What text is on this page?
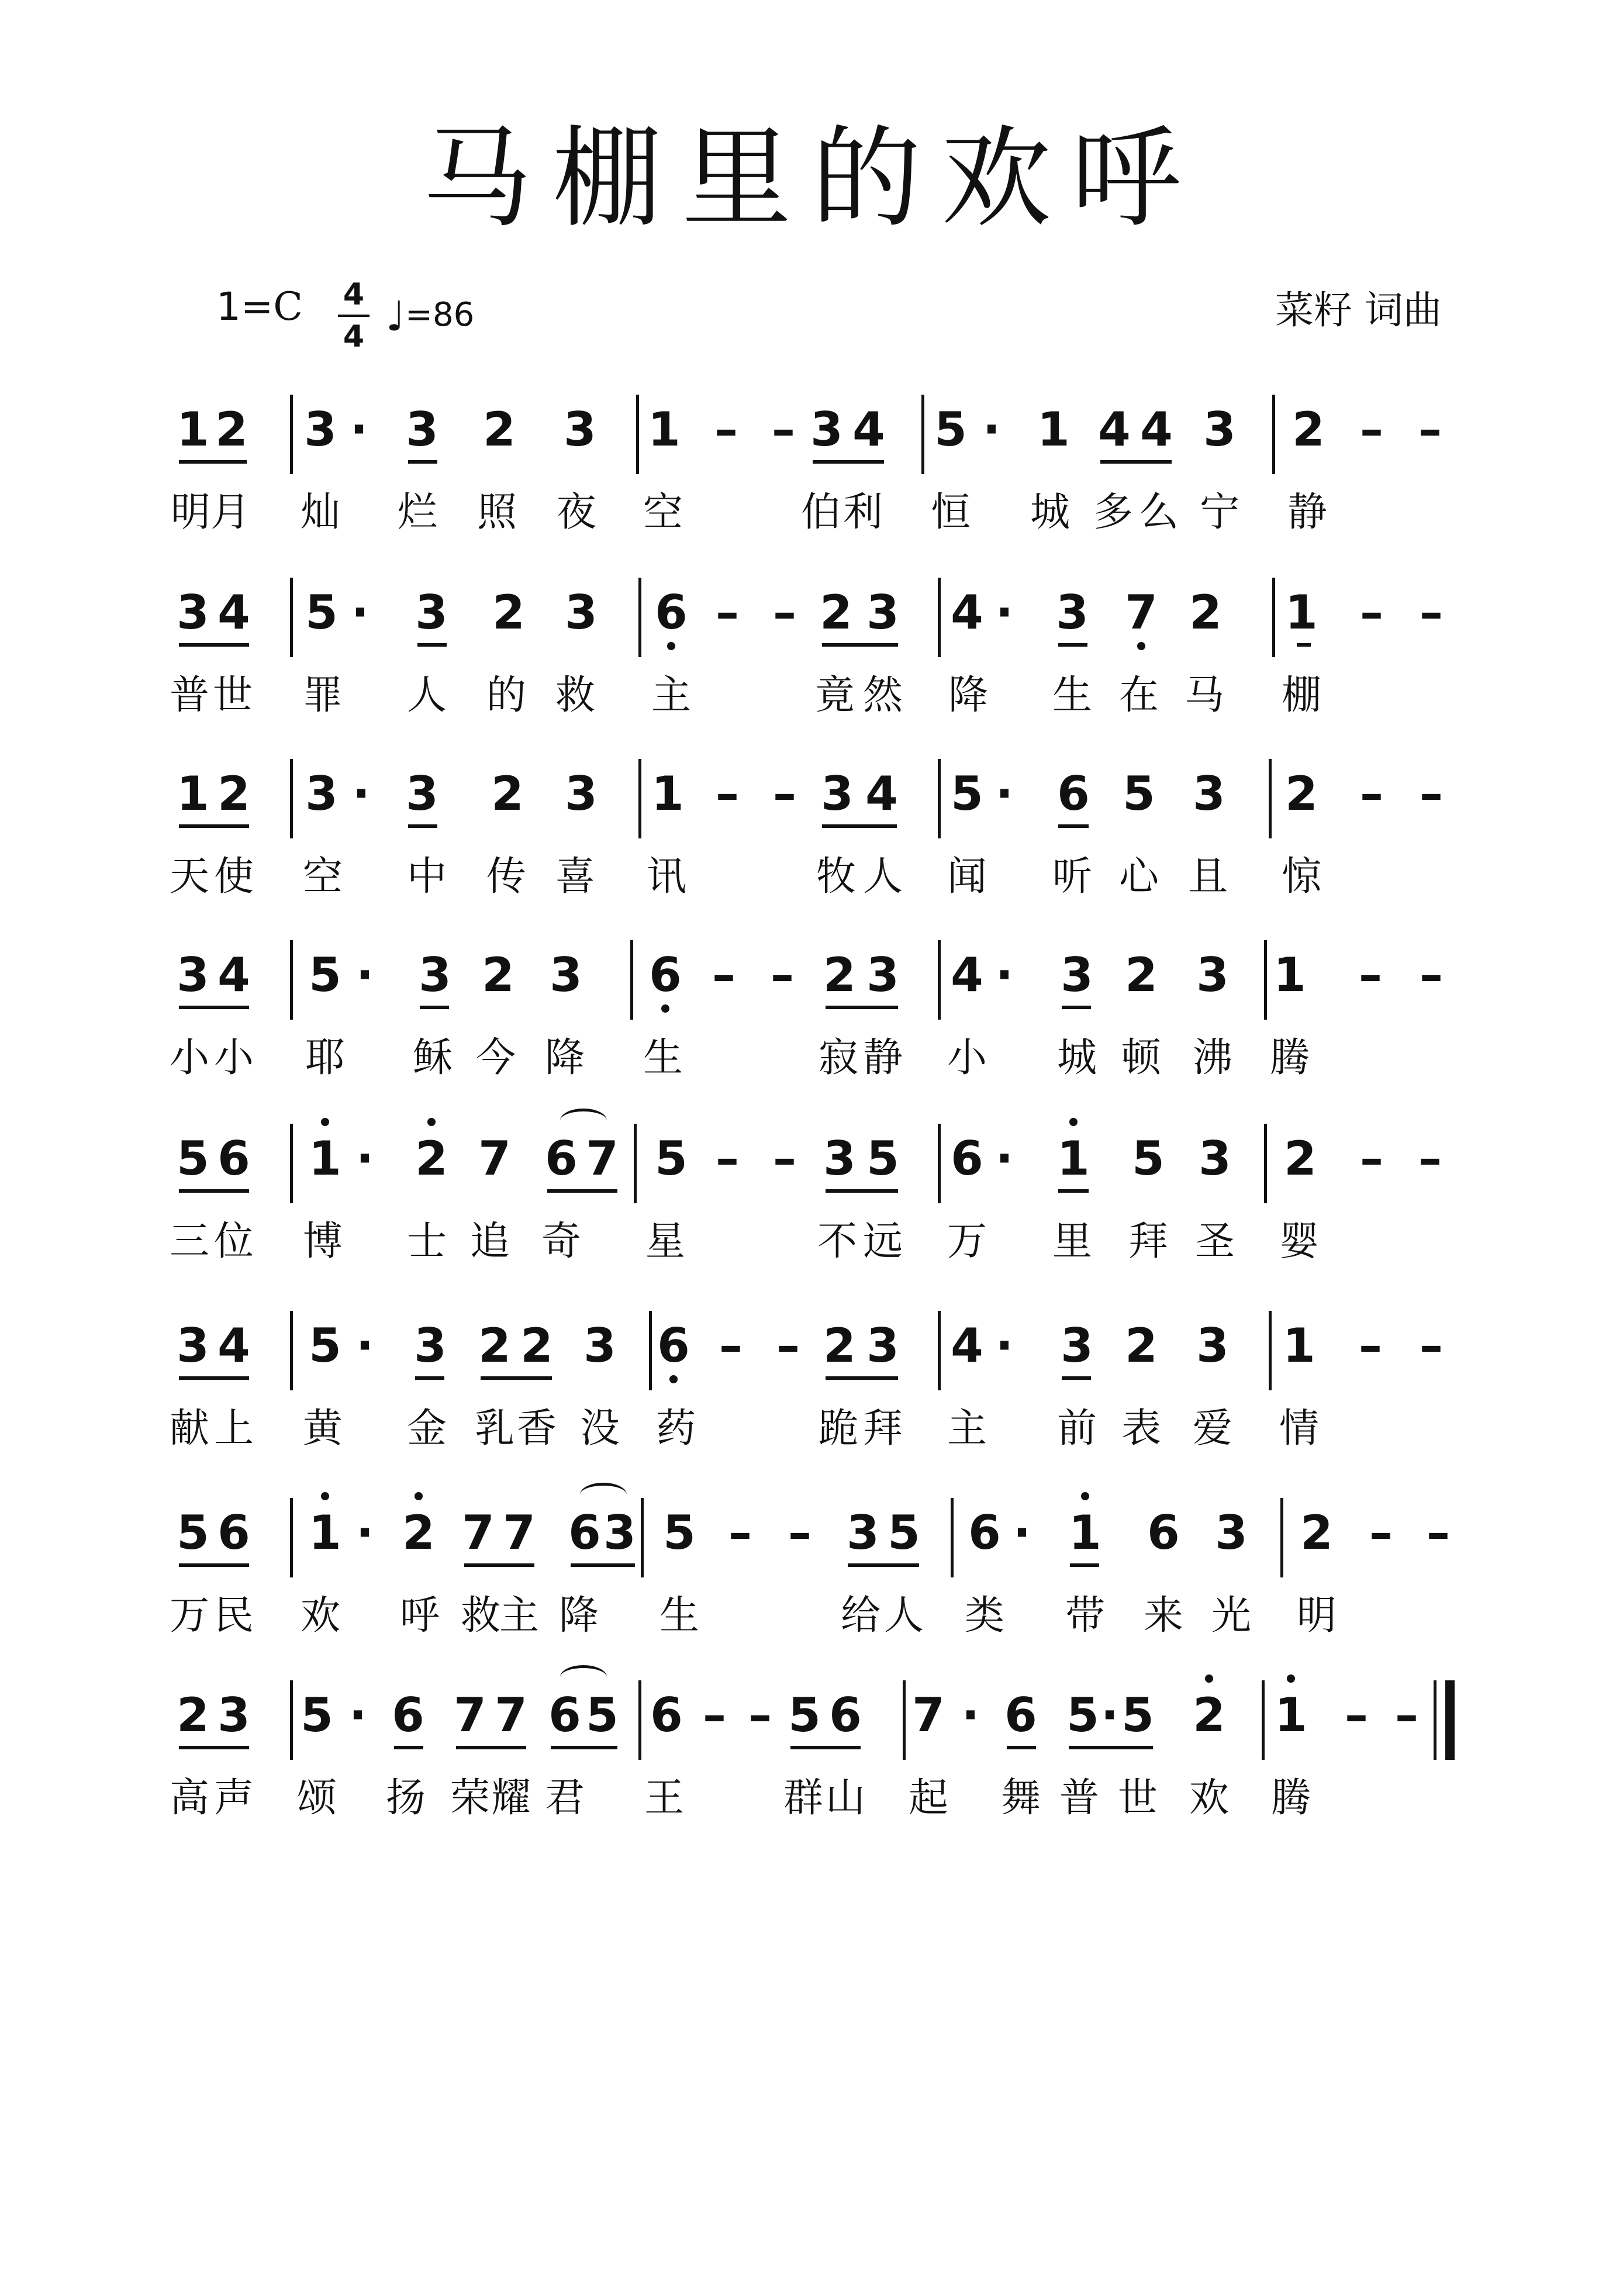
马棚里的欢呼
1=C 4
4 ♩=86	菜籽 词曲
1 2 3 · 3 2 3 1 – – 3 4 5 · 1 4 4 3 2 – –
明 月 灿 烂 照 夜 空	伯 利 恒 城 多 么 宁 静
3 4 5 · 3 2 3 6 – – 2 3 4 · 3 7 2 1 – –
普 世 罪 人 的 救 主	竟 然 降 生 在 马 棚
1 2 3 · 3 2 3 1 – – 3 4 5 · 6 5 3 2 – –
天 使 空 中 传 喜 讯	牧 人 闻 听 心 且 惊
3 4 5 · 3 2 3 6 – – 2 3 4 · 3 2 3 1 – –
小 小 耶 稣 今 降 生	寂 静 小 城 顿 沸 腾
5 6 1 · 2 7 6 7 5 – – 3 5 6 · 1 5 3 2 – –
三 位 博 士 追 奇 星	不 远 万 里 拜 圣 婴
3 4 5 · 3 2 2 3 6 – – 2 3 4 · 3 2 3 1 – –
献 上 黄 金 乳 香 没 药	跪 拜 主 前 表 爱 情
5 6 1 · 2 7 7 6 3 5 – – 3 5 6 · 1 6 3 2 – –
万 民 欢 呼 救
主 降 生	给 人 类 带 来 光 明
2 3 5 · 6 7 7 6 5 6 – – 5 6 7 · 6 5 · 5 2 1 – –
高 声 颂 扬 荣 耀 君 王 群 山 起 舞 普 世 欢 腾
